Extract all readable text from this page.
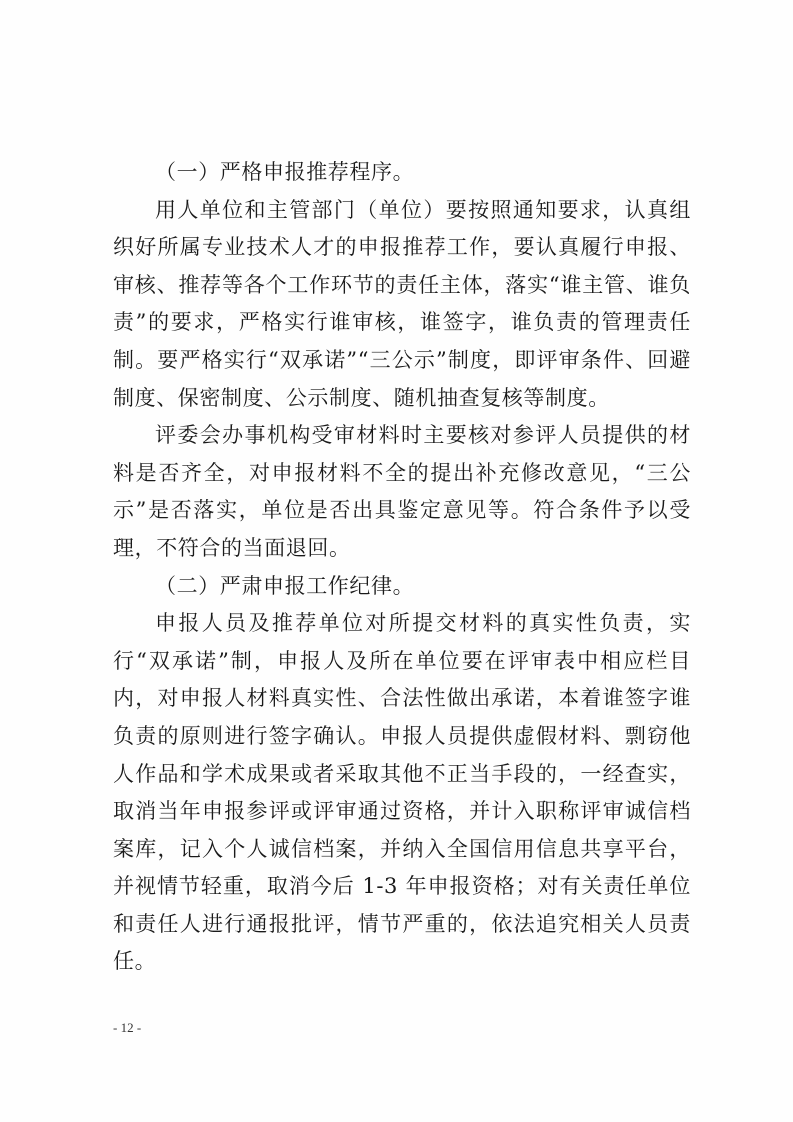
（一）严格申报推荐程序。

用人单位和主管部门（单位）要按照通知要求，认真组织好所属专业技术人才的申报推荐工作，要认真履行申报、审核、推荐等各个工作环节的责任主体，落实“谁主管、谁负责”的要求，严格实行谁审核，谁签字，谁负责的管理责任制。要严格实行“双承诺”“三公示”制度，即评审条件、回避制度、保密制度、公示制度、随机抽查复核等制度。

评委会办事机构受审材料时主要核对参评人员提供的材料是否齐全，对申报材料不全的提出补充修改意见，“三公示”是否落实，单位是否出具鉴定意见等。符合条件予以受理，不符合的当面退回。

（二）严肃申报工作纪律。

申报人员及推荐单位对所提交材料的真实性负责，实行“双承诺”制，申报人及所在单位要在评审表中相应栏目内，对申报人材料真实性、合法性做出承诺，本着谁签字谁负责的原则进行签字确认。申报人员提供虚假材料、剽窃他人作品和学术成果或者采取其他不正当手段的，一经查实，取消当年申报参评或评审通过资格，并计入职称评审诚信档案库，记入个人诚信档案，并纳入全国信用信息共享平台，并视情节轻重，取消今后 1-3 年申报资格；对有关责任单位和责任人进行通报批评，情节严重的，依法追究相关人员责任。

- 12 -
